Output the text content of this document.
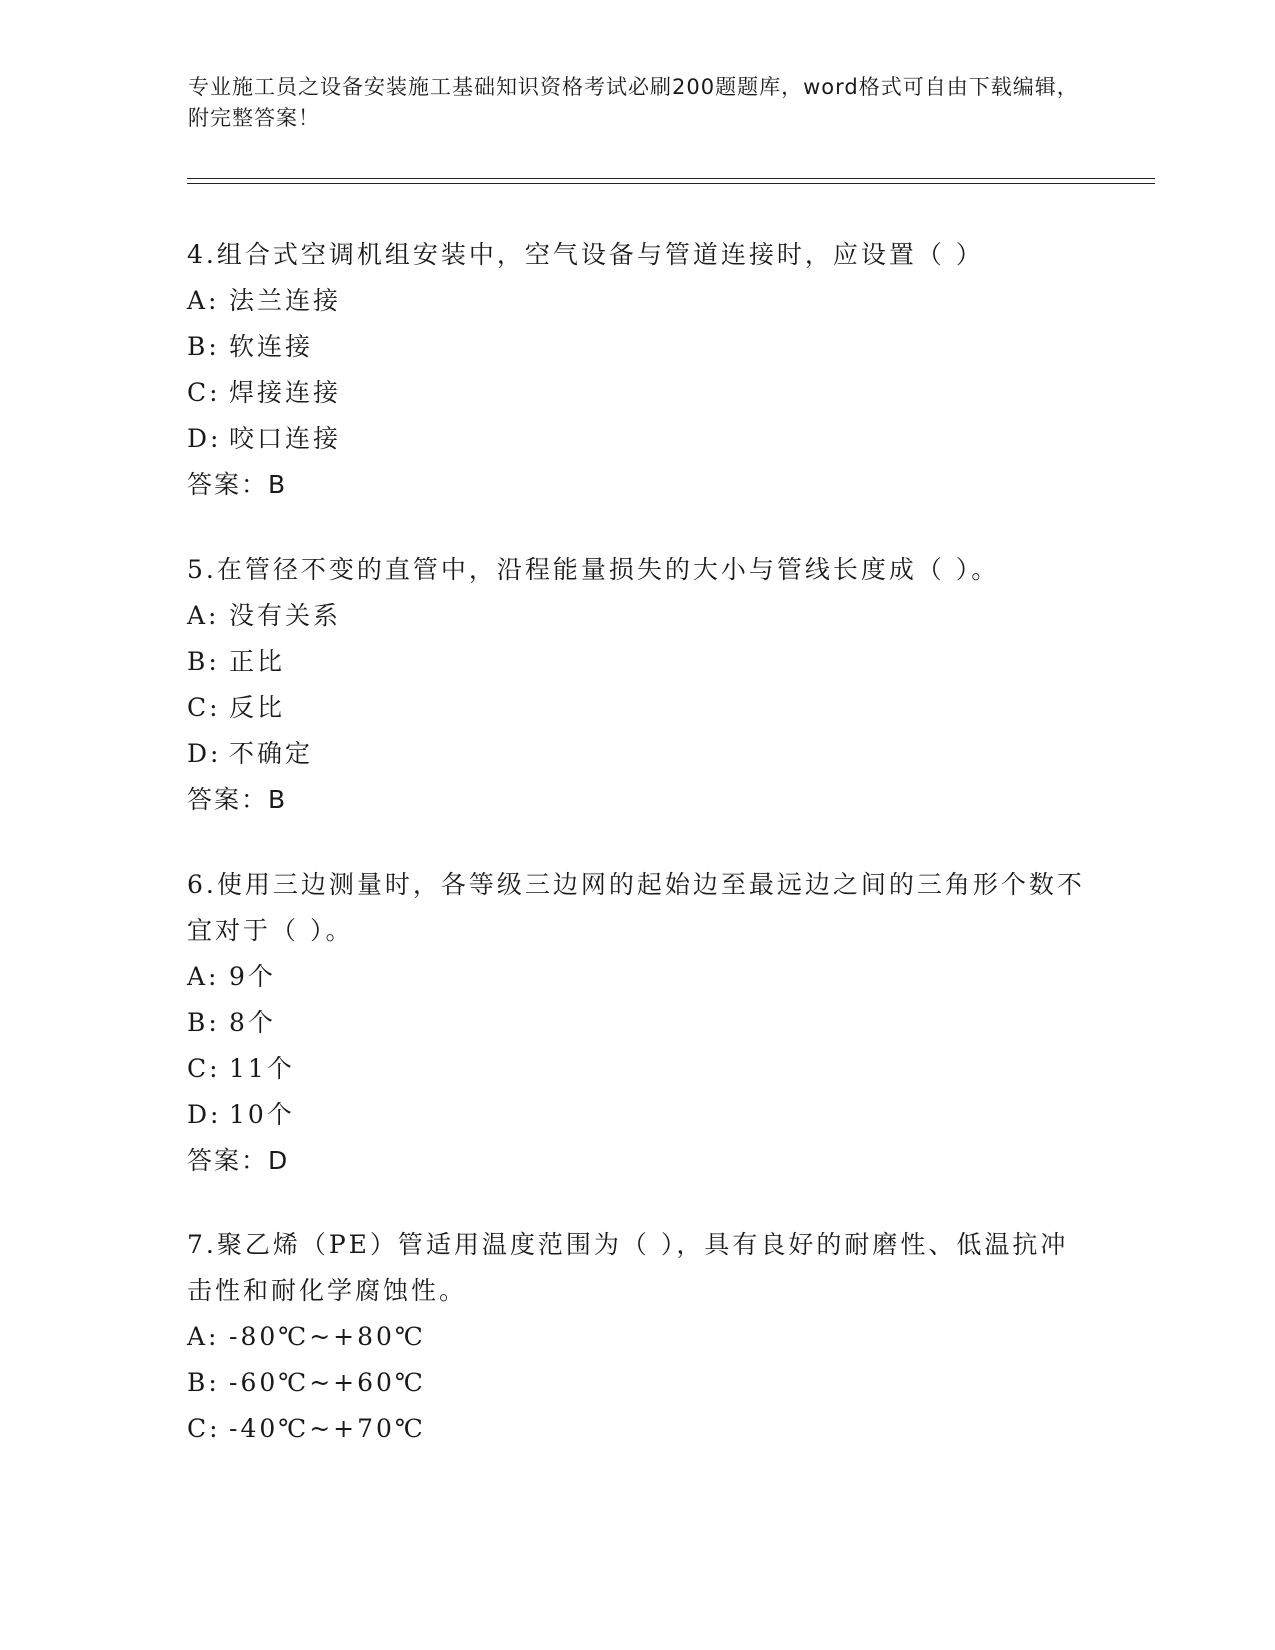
专业施工员之设备安装施工基础知识资格考试必刷200题题库，word格式可自由下载编辑，附完整答案！

4.组合式空调机组安装中，空气设备与管道连接时，应设置（ ）

A: 法兰连接

B: 软连接

C: 焊接连接

D: 咬口连接

答案：B

5.在管径不变的直管中，沿程能量损失的大小与管线长度成（ ）。

A: 没有关系

B: 正比

C: 反比

D: 不确定

答案：B

6.使用三边测量时，各等级三边网的起始边至最远边之间的三角形个数不宜对于（ ）。

A: 9个

B: 8个

C: 11个

D: 10个

答案：D

7.聚乙烯（PE）管适用温度范围为（ ），具有良好的耐磨性、低温抗冲击性和耐化学腐蚀性。

A: -80℃~+80℃

B: -60℃~+60℃

C: -40℃~+70℃
